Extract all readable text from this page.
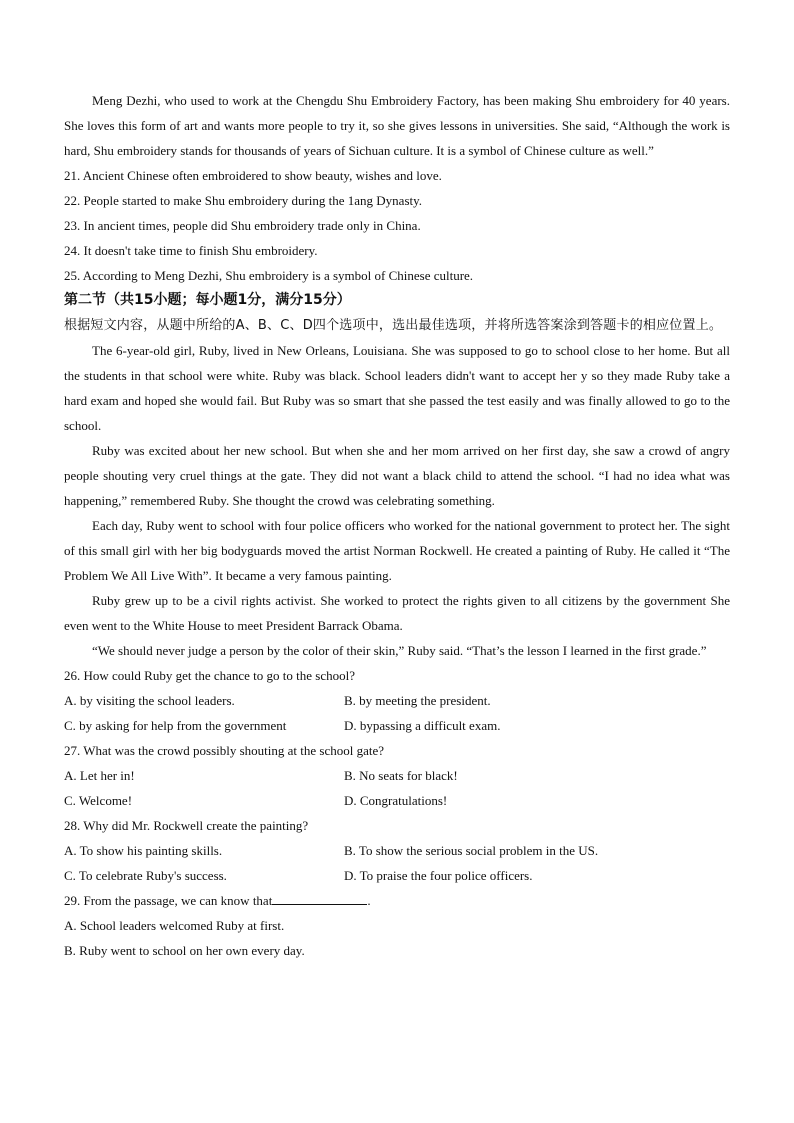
Meng Dezhi, who used to work at the Chengdu Shu Embroidery Factory, has been making Shu embroidery for 40 years. She loves this form of art and wants more people to try it, so she gives lessons in universities. She said, “Although the work is hard, Shu embroidery stands for thousands of years of Sichuan culture. It is a symbol of Chinese culture as well.”

21. Ancient Chinese often embroidered to show beauty, wishes and love.

22. People started to make Shu embroidery during the 1ang Dynasty.

23. In ancient times, people did Shu embroidery trade only in China.

24. It doesn't take time to finish Shu embroidery.

25. According to Meng Dezhi, Shu embroidery is a symbol of Chinese culture.

第二节（共15小题；每小题1分，满分15分）

根据短文内容，从题中所给的A、B、C、D四个选项中，选出最佳选项，并将所选答案涂到答题卡的相应位置上。

The 6-year-old girl, Ruby, lived in New Orleans, Louisiana. She was supposed to go to school close to her home. But all the students in that school were white. Ruby was black. School leaders didn't want to accept her y so they made Ruby take a hard exam and hoped she would fail. But Ruby was so smart that she passed the test easily and was finally allowed to go to the school.

Ruby was excited about her new school. But when she and her mom arrived on her first day, she saw a crowd of angry people shouting very cruel things at the gate. They did not want a black child to attend the school. “I had no idea what was happening,” remembered Ruby. She thought the crowd was celebrating something.

Each day, Ruby went to school with four police officers who worked for the national government to protect her. The sight of this small girl with her big bodyguards moved the artist Norman Rockwell. He created a painting of Ruby. He called it “The Problem We All Live With”. It became a very famous painting.

Ruby grew up to be a civil rights activist. She worked to protect the rights given to all citizens by the government She even went to the White House to meet President Barrack Obama.

“We should never judge a person by the color of their skin,” Ruby said. “That’s the lesson I learned in the first grade.”

26. How could Ruby get the chance to go to the school?

A. by visiting the school leaders.	B. by meeting the president.
C. by asking for help from the government	D. bypassing a difficult exam.

27. What was the crowd possibly shouting at the school gate?

A. Let her in!	B. No seats for black!
C. Welcome!	D. Congratulations!

28. Why did Mr. Rockwell create the painting?

A. To show his painting skills.	B. To show the serious social problem in the US.
C. To celebrate Ruby's success.	D. To praise the four police officers.

29. From the passage, we can know that	.

A. School leaders welcomed Ruby at first.

B. Ruby went to school on her own every day.
